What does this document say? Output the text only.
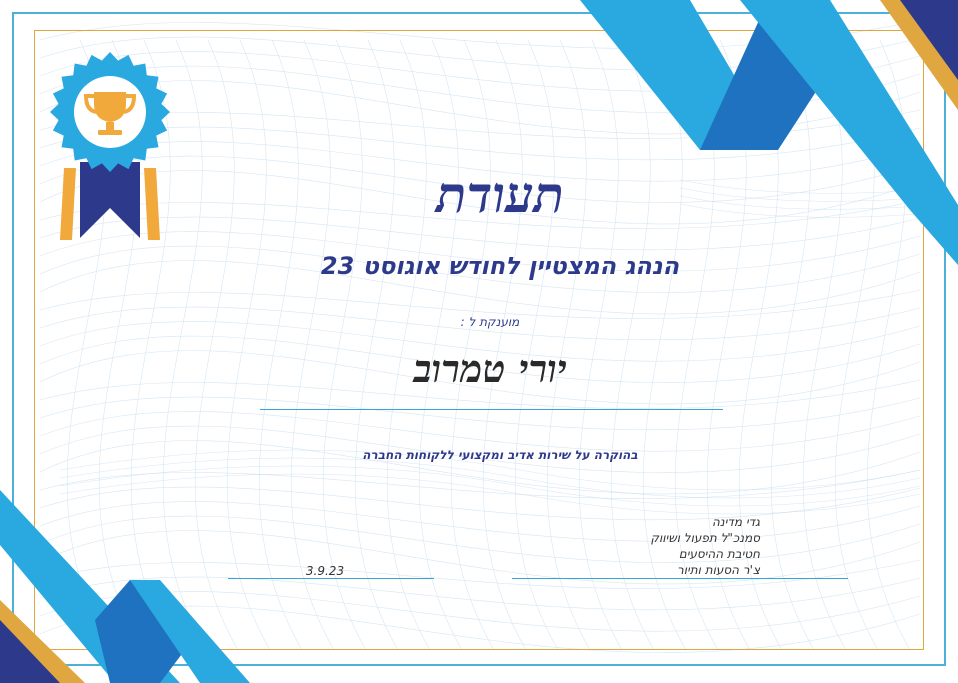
תעודת
הנהג המצטיין לחודש אוגוסט 23
מוענקת ל :
יורי טמרוב
בהוקרה על שירות אדיב ומקצועי ללקוחות החברה
3.9.23
גדי מדינה
סמנכ"ל תפעול ושיווק
חטיבת ההיסעים
צ'ר הסעות ותיור
